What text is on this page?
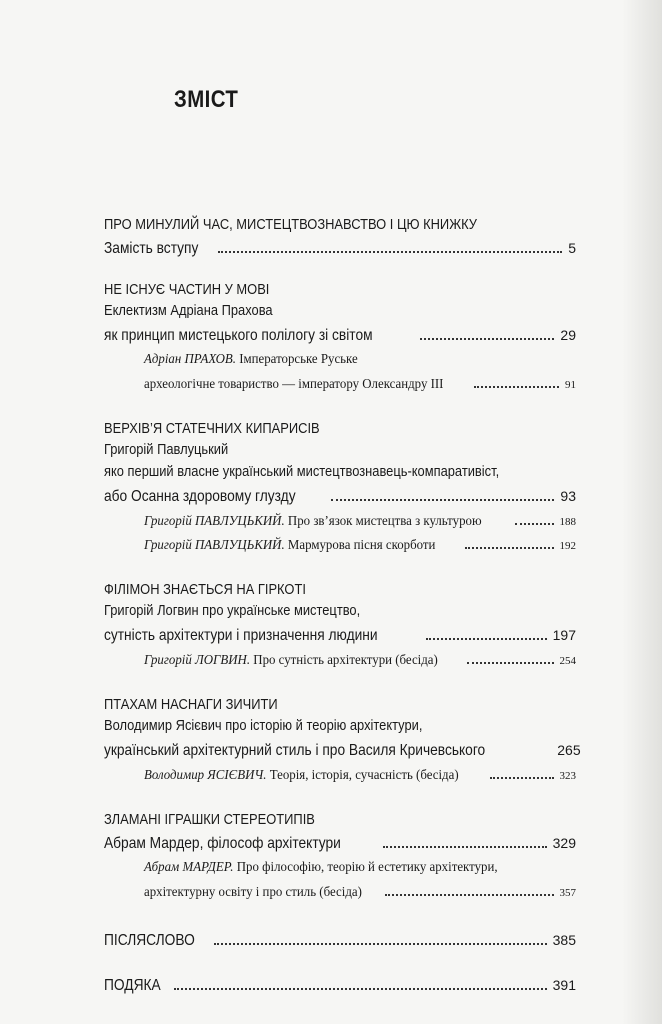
ЗМІСТ
ПРО МИНУЛИЙ ЧАС, МИСТЕЦТВОЗНАВСТВО І ЦЮ КНИЖКУ
Замість вступу	5
НЕ ІСНУЄ ЧАСТИН У МОВІ
Еклектизм Адріана Прахова
як принцип мистецького полілогу зі світом	29
Адріан ПРАХОВ. Імператорське Руське
археологічне товариство — імператору Олександру ІІІ	91
ВЕРХІВ’Я СТАТЕЧНИХ КИПАРИСІВ
Григорій Павлуцький
яко перший власне український мистецтвознавець-компаративіст,
або Осанна здоровому глузду	93
Григорій ПАВЛУЦЬКИЙ. Про зв’язок мистецтва з культурою	188
Григорій ПАВЛУЦЬКИЙ. Мармурова пісня скорботи	192
ФІЛІМОН ЗНАЄТЬСЯ НА ГІРКОТІ
Григорій Логвин про українське мистецтво,
сутність архітектури і призначення людини	197
Григорій ЛОГВИН. Про сутність архітектури (бесіда)	254
ПТАХАМ НАСНАГИ ЗИЧИТИ
Володимир Ясієвич про історію й теорію архітектури,
український архітектурний стиль і про Василя Кричевського	265
Володимир ЯСІЄВИЧ. Теорія, історія, сучасність (бесіда)	323
ЗЛАМАНІ ІГРАШКИ СТЕРЕОТИПІВ
Абрам Мардер, філософ архітектури	329
Абрам МАРДЕР. Про філософію, теорію й естетику архітектури,
архітектурну освіту і про стиль (бесіда)	357
ПІСЛЯСЛОВО	385
ПОДЯКА	391
